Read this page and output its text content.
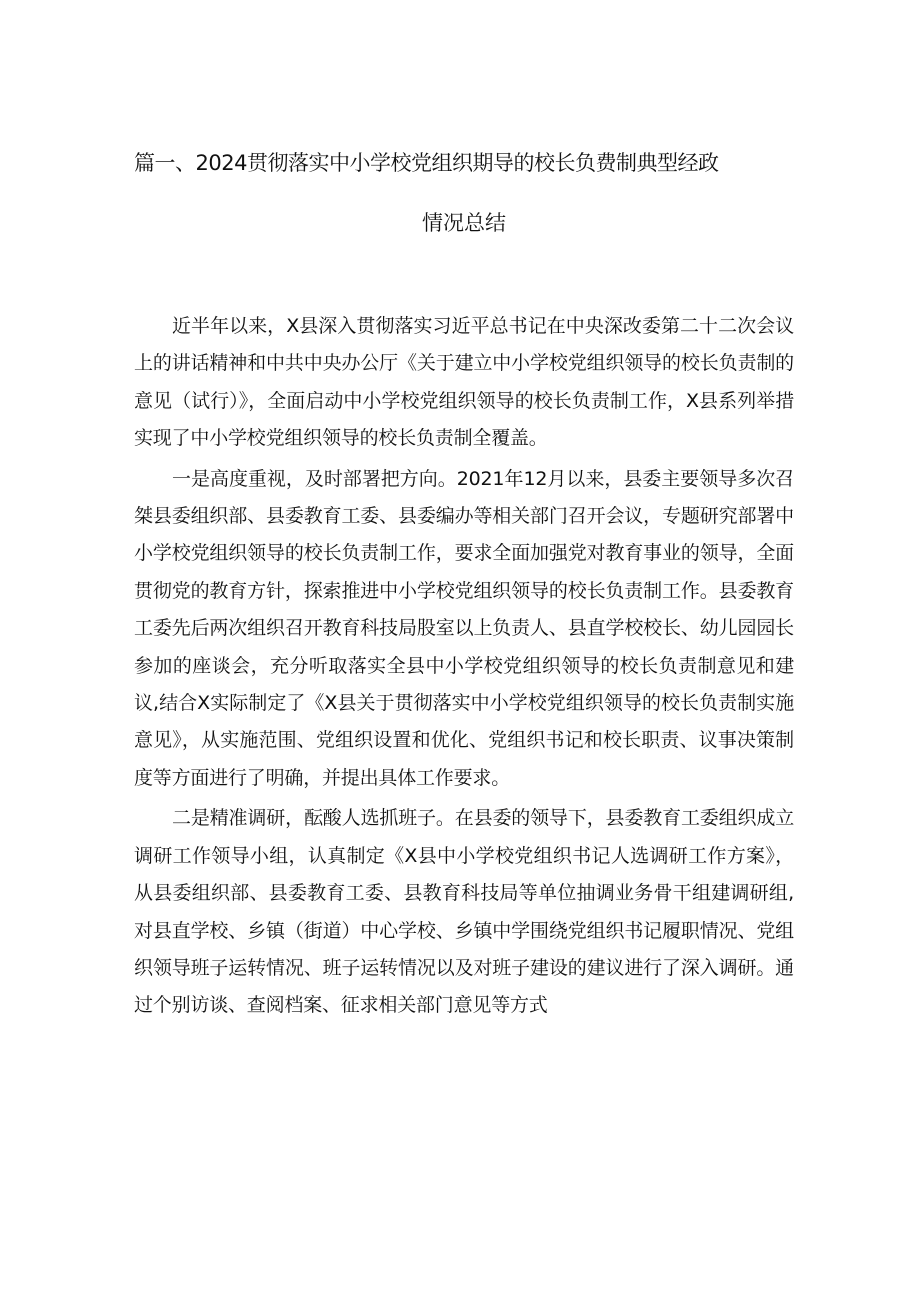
篇一、2024贯彻落实中小学校党组织期导的校长负费制典型经政
情况总结

近半年以来，X县深入贯彻落实习近平总书记在中央深改委第二十二次会议上的讲话精神和中共中央办公厅《关于建立中小学校党组织领导的校长负责制的意见（试行）》，全面启动中小学校党组织领导的校长负责制工作，X县系列举措实现了中小学校党组织领导的校长负责制全覆盖。

一是高度重视，及时部署把方向。2021年12月以来，县委主要领导多次召桀县委组织部、县委教育工委、县委编办等相关部门召开会议，专题研究部署中小学校党组织领导的校长负责制工作，要求全面加强党对教育事业的领导，全面贯彻党的教育方针，探索推进中小学校党组织领导的校长负责制工作。县委教育工委先后两次组织召开教育科技局股室以上负责人、县直学校校长、幼儿园园长参加的座谈会，充分听取落实全县中小学校党组织领导的校长负责制意见和建议,结合X实际制定了《X县关于贯彻落实中小学校党组织领导的校长负责制实施意见》，从实施范围、党组织设置和优化、党组织书记和校长职责、议事决策制度等方面进行了明确，并提出具体工作要求。

二是精准调研，酝酸人选抓班子。在县委的领导下，县委教育工委组织成立调研工作领导小组，认真制定《X县中小学校党组织书记人选调研工作方案》，从县委组织部、县委教育工委、县教育科技局等单位抽调业务骨干组建调研组,对县直学校、乡镇（街道）中心学校、乡镇中学围绕党组织书记履职情况、党组织领导班子运转情况、班子运转情况以及对班子建设的建议进行了深入调研。通过个别访谈、查阅档案、征求相关部门意见等方式
